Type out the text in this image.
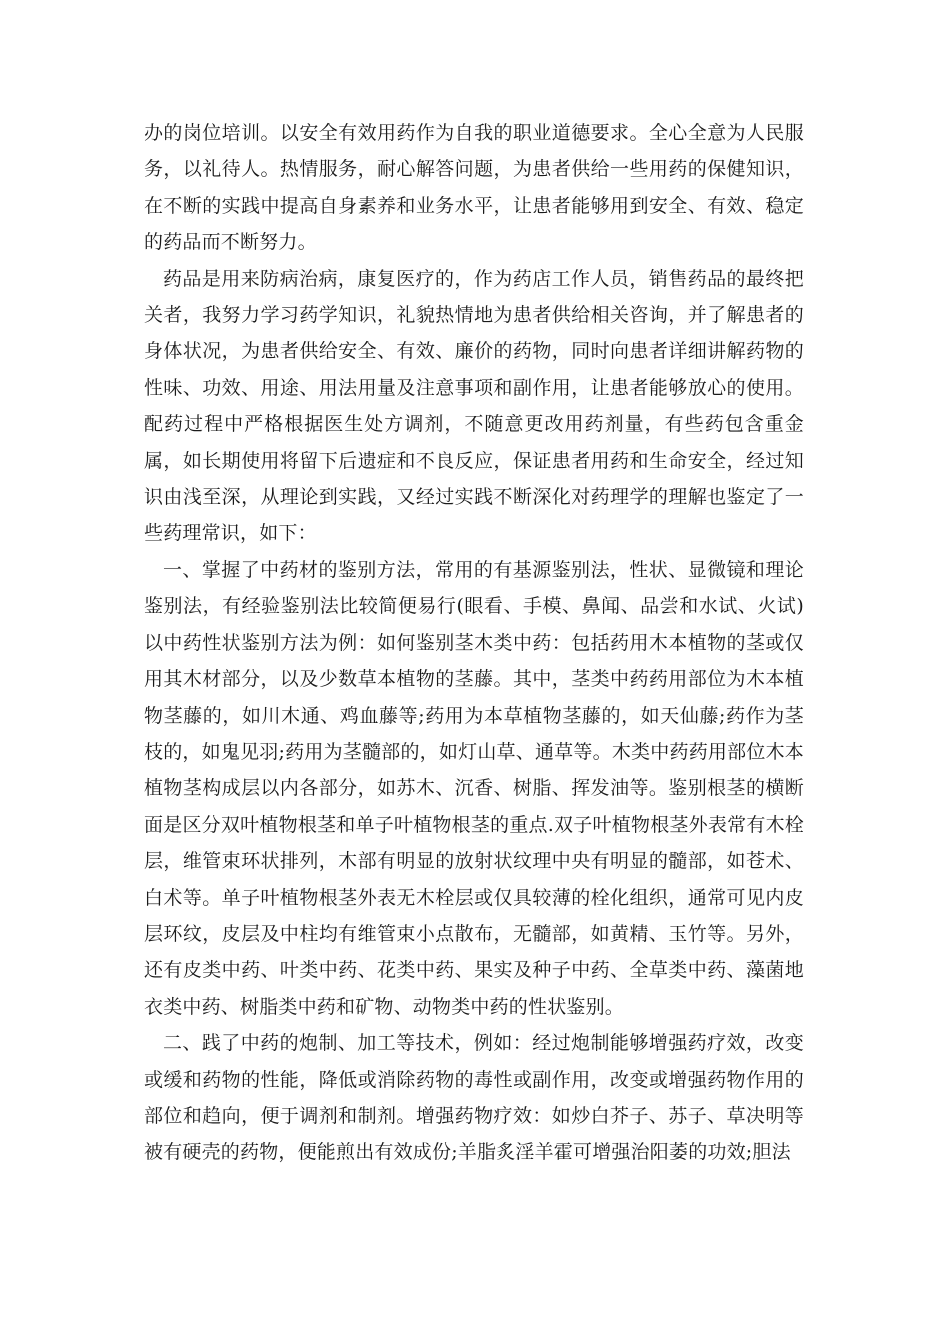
办的岗位培训。以安全有效用药作为自我的职业道德要求。全心全意为人民服务，以礼待人。热情服务，耐心解答问题，为患者供给一些用药的保健知识，在不断的实践中提高自身素养和业务水平，让患者能够用到安全、有效、稳定的药品而不断努力。

药品是用来防病治病，康复医疗的，作为药店工作人员，销售药品的最终把关者，我努力学习药学知识，礼貌热情地为患者供给相关咨询，并了解患者的身体状况，为患者供给安全、有效、廉价的药物，同时向患者详细讲解药物的性味、功效、用途、用法用量及注意事项和副作用，让患者能够放心的使用。配药过程中严格根据医生处方调剂，不随意更改用药剂量，有些药包含重金属，如长期使用将留下后遗症和不良反应，保证患者用药和生命安全，经过知识由浅至深，从理论到实践，又经过实践不断深化对药理学的理解也鉴定了一些药理常识，如下：

一、掌握了中药材的鉴别方法，常用的有基源鉴别法，性状、显微镜和理论鉴别法，有经验鉴别法比较简便易行(眼看、手模、鼻闻、品尝和水试、火试)以中药性状鉴别方法为例：如何鉴别茎木类中药：包括药用木本植物的茎或仅用其木材部分，以及少数草本植物的茎藤。其中，茎类中药药用部位为木本植物茎藤的，如川木通、鸡血藤等;药用为本草植物茎藤的，如天仙藤;药作为茎枝的，如鬼见羽;药用为茎髓部的，如灯山草、通草等。木类中药药用部位木本植物茎构成层以内各部分，如苏木、沉香、树脂、挥发油等。鉴别根茎的横断面是区分双叶植物根茎和单子叶植物根茎的重点.双子叶植物根茎外表常有木栓层，维管束环状排列，木部有明显的放射状纹理中央有明显的髓部，如苍术、白术等。单子叶植物根茎外表无木栓层或仅具较薄的栓化组织，通常可见内皮层环纹，皮层及中柱均有维管束小点散布，无髓部，如黄精、玉竹等。另外，还有皮类中药、叶类中药、花类中药、果实及种子中药、全草类中药、藻菌地衣类中药、树脂类中药和矿物、动物类中药的性状鉴别。

二、践了中药的炮制、加工等技术，例如：经过炮制能够增强药疗效，改变或缓和药物的性能，降低或消除药物的毒性或副作用，改变或增强药物作用的部位和趋向，便于调剂和制剂。增强药物疗效：如炒白芥子、苏子、草决明等被有硬壳的药物，便能煎出有效成份;羊脂炙淫羊霍可增强治阳萎的功效;胆法
